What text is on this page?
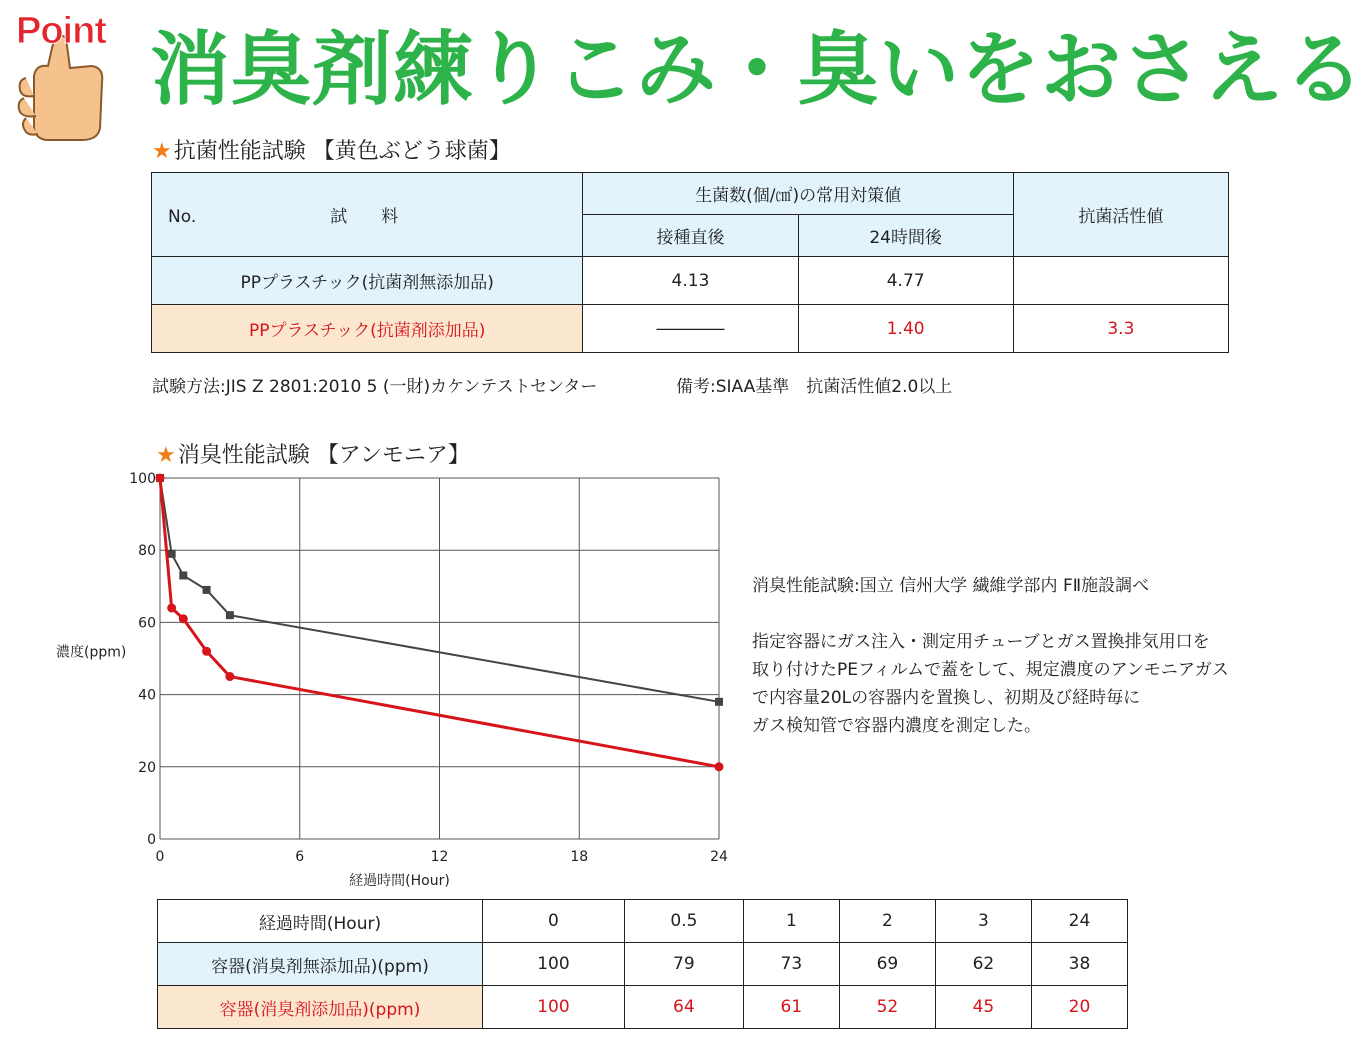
Point 消臭剤練りこみ・臭いをおさえる
★抗菌性能試験 【黄色ぶどう球菌】
No. 試　　料	生菌数(個/㎠)の常用対策値		抗菌活性値
	接種直後	24時間後	
PPプラスチック(抗菌剤無添加品)	4.13	4.77	
PPプラスチック(抗菌剤添加品)	――――	1.40	3.3
試験方法:JIS Z 2801:2010 5 (一財)カケンテストセンター	備考:SIAA基準　抗菌活性値2.0以上
★消臭性能試験 【アンモニア】
0
20
40
60
80
100
0	6	12	18	24
濃度(ppm)
経過時間(Hour)
消臭性能試験:国立 信州大学 繊維学部内 FⅡ施設調べ
指定容器にガス注入・測定用チューブとガス置換排気用口を
取り付けたPEフィルムで蓋をして、規定濃度のアンモニアガス
で内容量20Lの容器内を置換し、初期及び経時毎に
ガス検知管で容器内濃度を測定した。
経過時間(Hour)	0	0.5	1	2	3	24
容器(消臭剤無添加品)(ppm)	100	79	73	69	62	38
容器(消臭剤添加品)(ppm)	100	64	61	52	45	20
